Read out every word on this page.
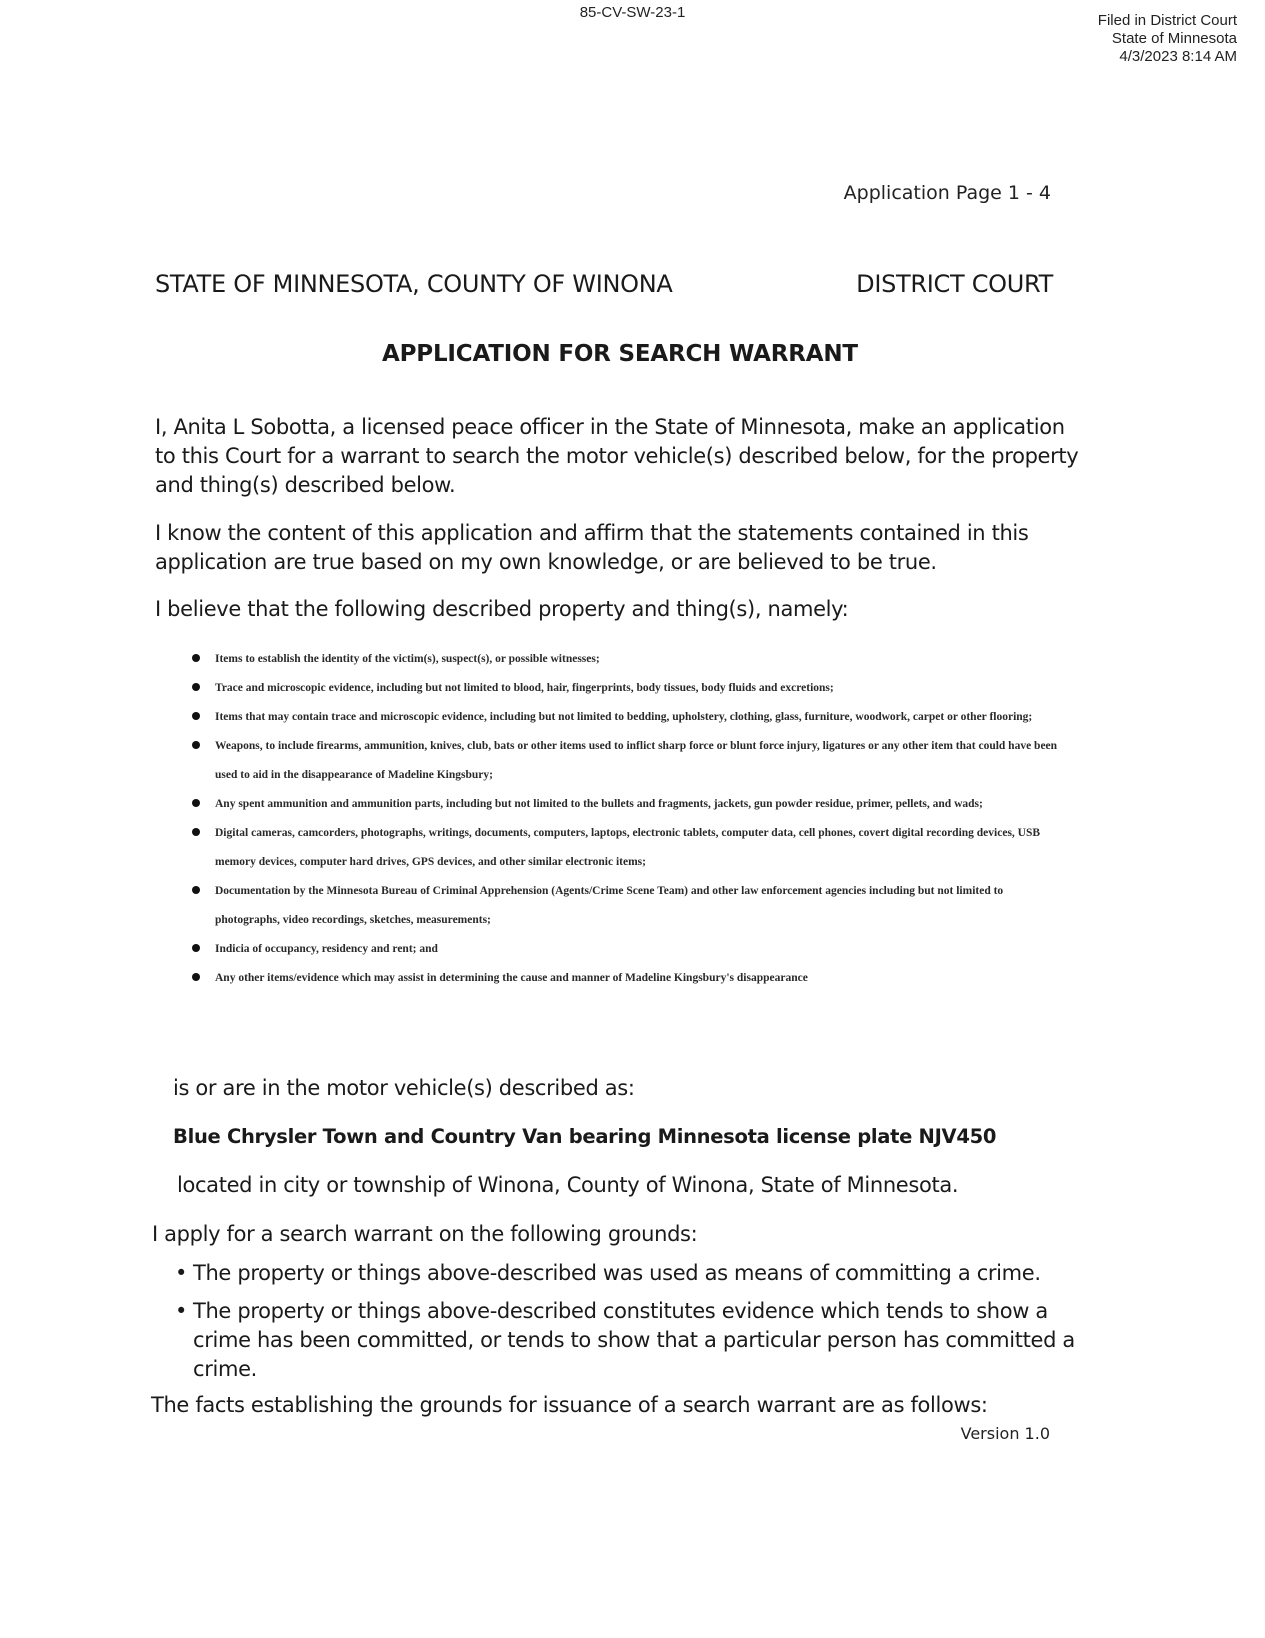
85-CV-SW-23-1	Filed in District Court
State of Minnesota
4/3/2023 8:14 AM
Application Page 1 - 4
STATE OF MINNESOTA, COUNTY OF WINONA	DISTRICT COURT
APPLICATION FOR SEARCH WARRANT
I, Anita L Sobotta, a licensed peace officer in the State of Minnesota, make an application to this Court for a warrant to search the motor vehicle(s) described below, for the property and thing(s) described below.
I know the content of this application and affirm that the statements contained in this application are true based on my own knowledge, or are believed to be true.
I believe that the following described property and thing(s), namely:
Items to establish the identity of the victim(s), suspect(s), or possible witnesses;
Trace and microscopic evidence, including but not limited to blood, hair, fingerprints, body tissues, body fluids and excretions;
Items that may contain trace and microscopic evidence, including but not limited to bedding, upholstery, clothing, glass, furniture, woodwork, carpet or other flooring;
Weapons, to include firearms, ammunition, knives, club, bats or other items used to inflict sharp force or blunt force injury, ligatures or any other item that could have been used to aid in the disappearance of Madeline Kingsbury;
Any spent ammunition and ammunition parts, including but not limited to the bullets and fragments, jackets, gun powder residue, primer, pellets, and wads;
Digital cameras, camcorders, photographs, writings, documents, computers, laptops, electronic tablets, computer data, cell phones, covert digital recording devices, USB memory devices, computer hard drives, GPS devices, and other similar electronic items;
Documentation by the Minnesota Bureau of Criminal Apprehension (Agents/Crime Scene Team) and other law enforcement agencies including but not limited to photographs, video recordings, sketches, measurements;
Indicia of occupancy, residency and rent; and
Any other items/evidence which may assist in determining the cause and manner of Madeline Kingsbury's disappearance
is or are in the motor vehicle(s) described as:
Blue Chrysler Town and Country Van bearing Minnesota license plate NJV450
located in city or township of Winona, County of Winona, State of Minnesota.
I apply for a search warrant on the following grounds:
• The property or things above-described was used as means of committing a crime.
• The property or things above-described constitutes evidence which tends to show a crime has been committed, or tends to show that a particular person has committed a crime.
The facts establishing the grounds for issuance of a search warrant are as follows:
Version 1.0
